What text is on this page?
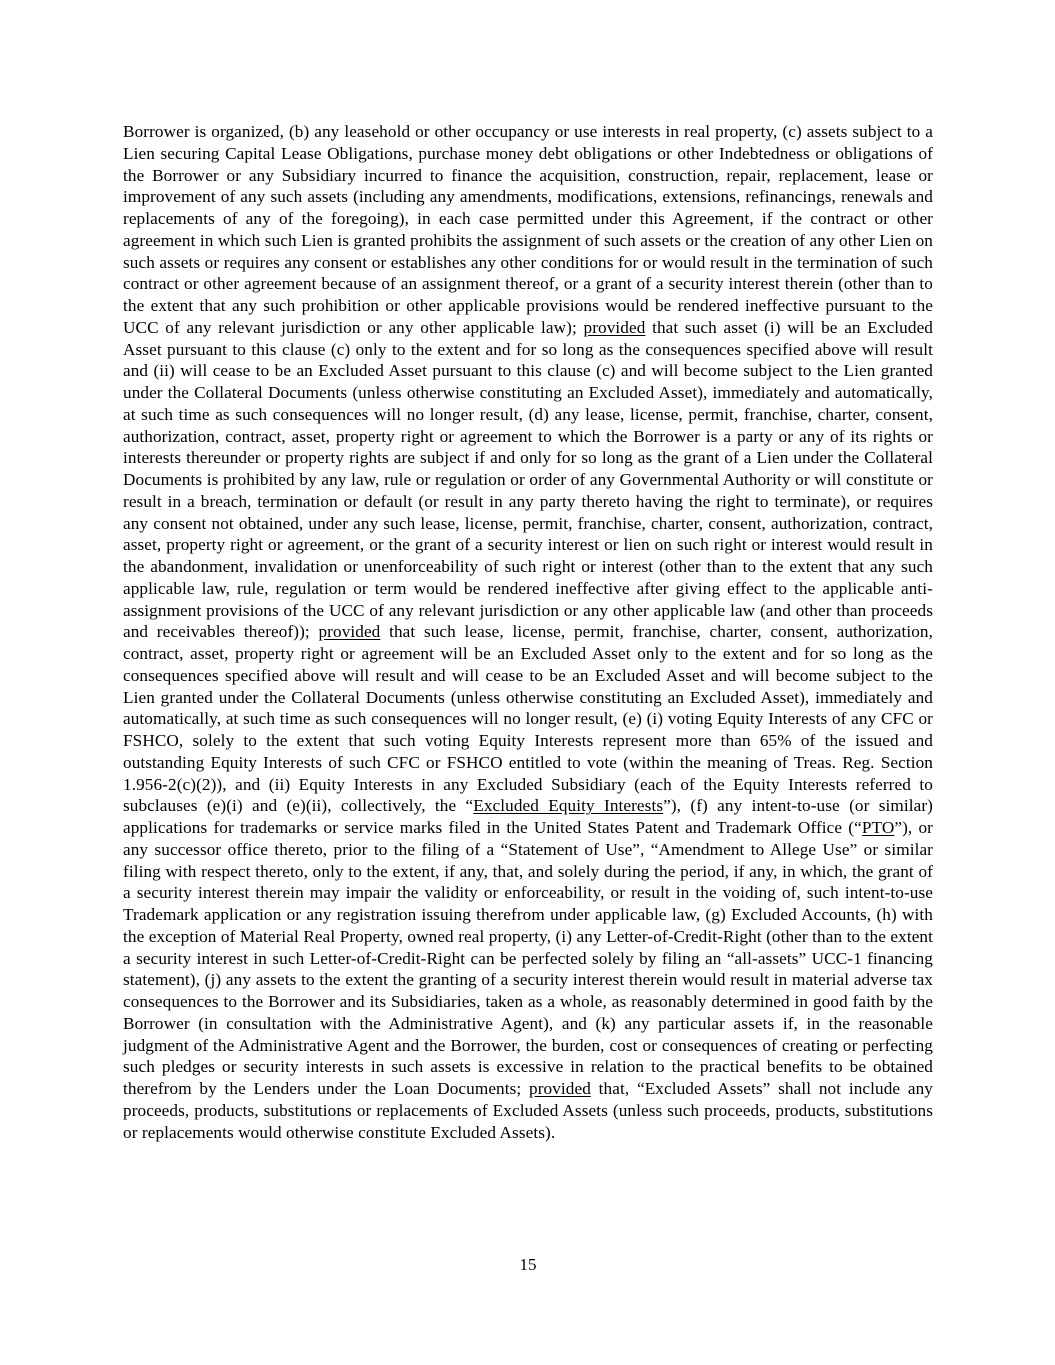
Borrower is organized, (b) any leasehold or other occupancy or use interests in real property, (c) assets subject to a Lien securing Capital Lease Obligations, purchase money debt obligations or other Indebtedness or obligations of the Borrower or any Subsidiary incurred to finance the acquisition, construction, repair, replacement, lease or improvement of any such assets (including any amendments, modifications, extensions, refinancings, renewals and replacements of any of the foregoing), in each case permitted under this Agreement, if the contract or other agreement in which such Lien is granted prohibits the assignment of such assets or the creation of any other Lien on such assets or requires any consent or establishes any other conditions for or would result in the termination of such contract or other agreement because of an assignment thereof, or a grant of a security interest therein (other than to the extent that any such prohibition or other applicable provisions would be rendered ineffective pursuant to the UCC of any relevant jurisdiction or any other applicable law); provided that such asset (i) will be an Excluded Asset pursuant to this clause (c) only to the extent and for so long as the consequences specified above will result and (ii) will cease to be an Excluded Asset pursuant to this clause (c) and will become subject to the Lien granted under the Collateral Documents (unless otherwise constituting an Excluded Asset), immediately and automatically, at such time as such consequences will no longer result, (d) any lease, license, permit, franchise, charter, consent, authorization, contract, asset, property right or agreement to which the Borrower is a party or any of its rights or interests thereunder or property rights are subject if and only for so long as the grant of a Lien under the Collateral Documents is prohibited by any law, rule or regulation or order of any Governmental Authority or will constitute or result in a breach, termination or default (or result in any party thereto having the right to terminate), or requires any consent not obtained, under any such lease, license, permit, franchise, charter, consent, authorization, contract, asset, property right or agreement, or the grant of a security interest or lien on such right or interest would result in the abandonment, invalidation or unenforceability of such right or interest (other than to the extent that any such applicable law, rule, regulation or term would be rendered ineffective after giving effect to the applicable anti-assignment provisions of the UCC of any relevant jurisdiction or any other applicable law (and other than proceeds and receivables thereof)); provided that such lease, license, permit, franchise, charter, consent, authorization, contract, asset, property right or agreement will be an Excluded Asset only to the extent and for so long as the consequences specified above will result and will cease to be an Excluded Asset and will become subject to the Lien granted under the Collateral Documents (unless otherwise constituting an Excluded Asset), immediately and automatically, at such time as such consequences will no longer result, (e) (i) voting Equity Interests of any CFC or FSHCO, solely to the extent that such voting Equity Interests represent more than 65% of the issued and outstanding Equity Interests of such CFC or FSHCO entitled to vote (within the meaning of Treas. Reg. Section 1.956-2(c)(2)), and (ii) Equity Interests in any Excluded Subsidiary (each of the Equity Interests referred to subclauses (e)(i) and (e)(ii), collectively, the “Excluded Equity Interests”), (f) any intent-to-use (or similar) applications for trademarks or service marks filed in the United States Patent and Trademark Office (“PTO”), or any successor office thereto, prior to the filing of a “Statement of Use”, “Amendment to Allege Use” or similar filing with respect thereto, only to the extent, if any, that, and solely during the period, if any, in which, the grant of a security interest therein may impair the validity or enforceability, or result in the voiding of, such intent-to-use Trademark application or any registration issuing therefrom under applicable law, (g) Excluded Accounts, (h) with the exception of Material Real Property, owned real property, (i) any Letter-of-Credit-Right (other than to the extent a security interest in such Letter-of-Credit-Right can be perfected solely by filing an “all-assets” UCC-1 financing statement), (j) any assets to the extent the granting of a security interest therein would result in material adverse tax consequences to the Borrower and its Subsidiaries, taken as a whole, as reasonably determined in good faith by the Borrower (in consultation with the Administrative Agent), and (k) any particular assets if, in the reasonable judgment of the Administrative Agent and the Borrower, the burden, cost or consequences of creating or perfecting such pledges or security interests in such assets is excessive in relation to the practical benefits to be obtained therefrom by the Lenders under the Loan Documents; provided that, “Excluded Assets” shall not include any proceeds, products, substitutions or replacements of Excluded Assets (unless such proceeds, products, substitutions or replacements would otherwise constitute Excluded Assets).
15
